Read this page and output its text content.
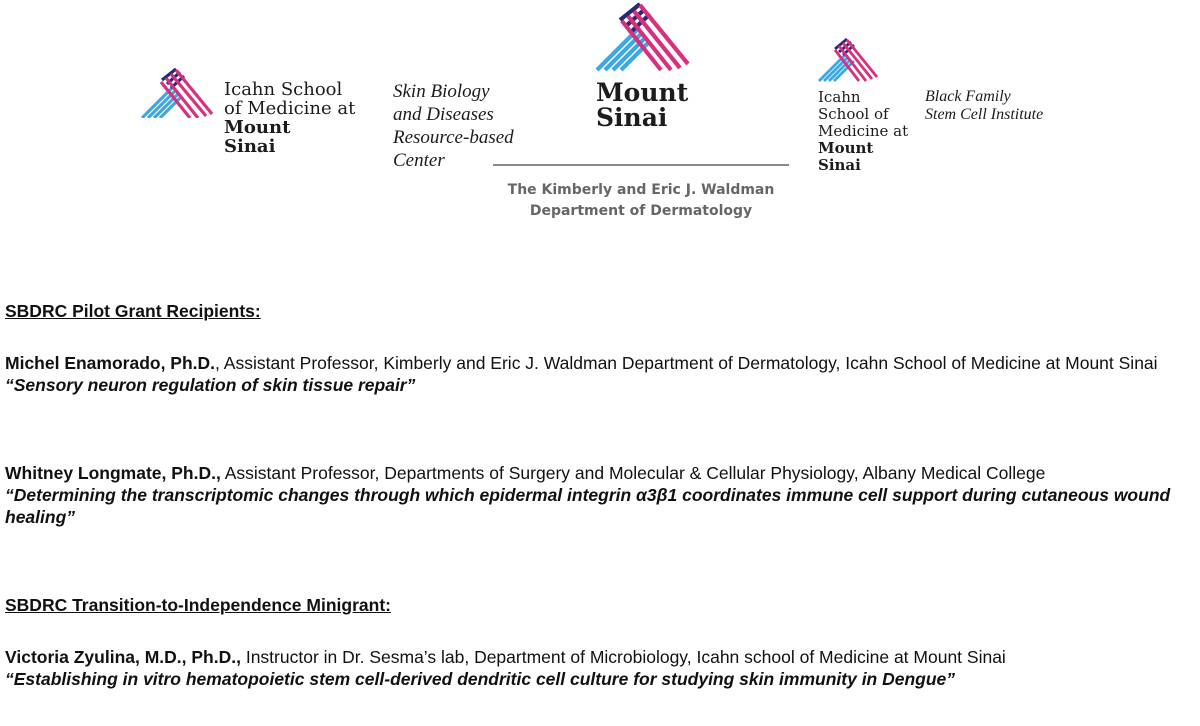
Icahn School
of Medicine at
Mount
Sinai
Skin Biology
and Diseases
Resource-based
Center
Mount
Sinai
The Kimberly and Eric J. Waldman
Department of Dermatology
Icahn
School of
Medicine at
Mount
Sinai
Black Family
Stem Cell Institute
SBDRC Pilot Grant Recipients:
Michel Enamorado, Ph.D., Assistant Professor, Kimberly and Eric J. Waldman Department of Dermatology, Icahn School of Medicine at Mount Sinai
“Sensory neuron regulation of skin tissue repair”
Whitney Longmate, Ph.D., Assistant Professor, Departments of Surgery and Molecular & Cellular Physiology, Albany Medical College
“Determining the transcriptomic changes through which epidermal integrin α3β1 coordinates immune cell support during cutaneous wound healing”
SBDRC Transition-to-Independence Minigrant:
Victoria Zyulina, M.D., Ph.D., Instructor in Dr. Sesma’s lab, Department of Microbiology, Icahn school of Medicine at Mount Sinai
“Establishing in vitro hematopoietic stem cell-derived dendritic cell culture for studying skin immunity in Dengue”
